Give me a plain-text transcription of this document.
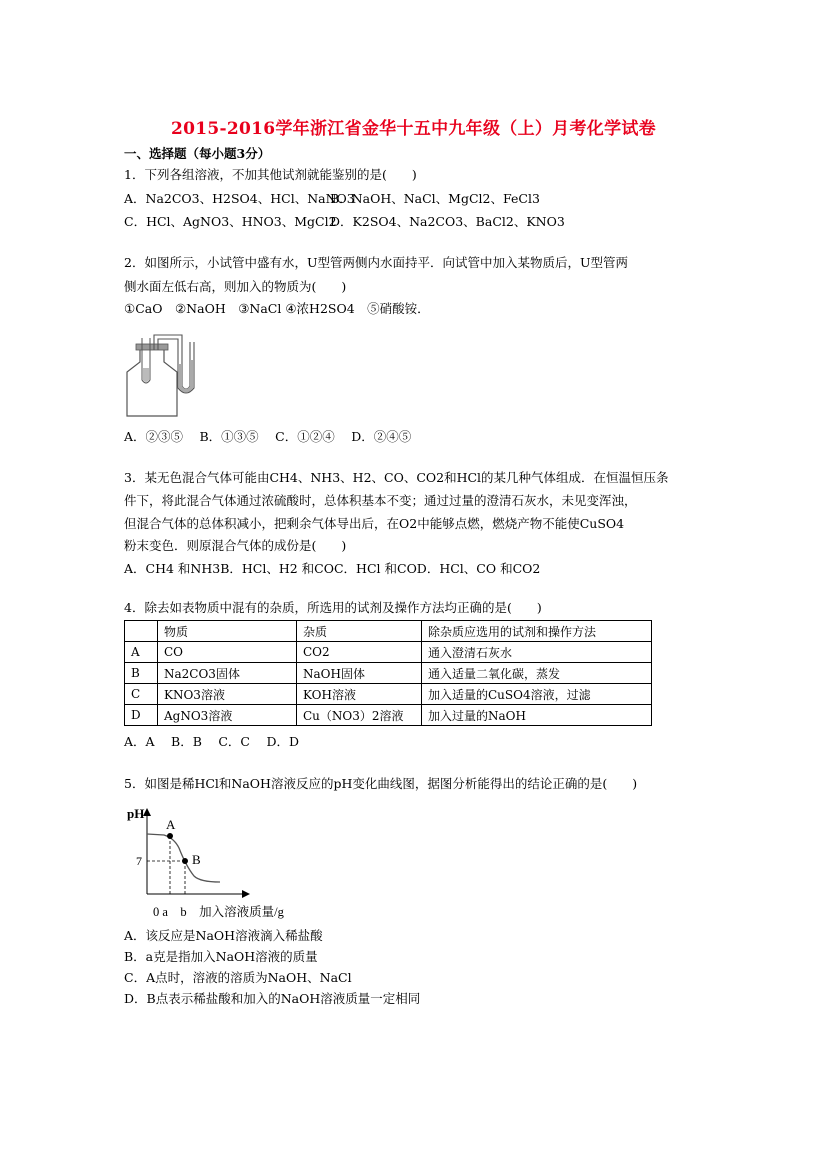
2015-2016学年浙江省金华十五中九年级（上）月考化学试卷
一、选择题（每小题3分）
1．下列各组溶液，不加其他试剂就能鉴别的是(　　)
A．Na2CO3、H2SO4、HCl、NaNO3
B．NaOH、NaCl、MgCl2、FeCl3
C．HCl、AgNO3、HNO3、MgCl2
D．K2SO4、Na2CO3、BaCl2、KNO3
2．如图所示，小试管中盛有水，U型管两侧内水面持平．向试管中加入某物质后，U型管两
侧水面左低右高，则加入的物质为(　　)
①CaO　②NaOH　③NaCl ④浓H2SO4　⑤硝酸铵．
A．②③⑤　 B．①③⑤　 C．①②④　 D．②④⑤
3．某无色混合气体可能由CH4、NH3、H2、CO、CO2和HCl的某几种气体组成．在恒温恒压条
件下，将此混合气体通过浓硫酸时，总体积基本不变；通过过量的澄清石灰水，未见变浑浊，
但混合气体的总体积减小，把剩余气体导出后，在O2中能够点燃，燃烧产物不能使CuSO4
粉末变色．则原混合气体的成份是(　　)
A．CH4 和NH3B．HCl、H2 和COC．HCl 和COD．HCl、CO 和CO2
4．除去如表物质中混有的杂质，所选用的试剂及操作方法均正确的是(　　)
	物质	杂质	除杂质应选用的试剂和操作方法
A	CO	CO2	通入澄清石灰水
B	Na2CO3固体	NaOH固体	通入适量二氧化碳，蒸发
C	KNO3溶液	KOH溶液	加入适量的CuSO4溶液，过滤
D	AgNO3溶液	Cu（NO3）2溶液	加入过量的NaOH
A．A　 B．B　 C．C　 D．D
5．如图是稀HCl和NaOH溶液反应的pH变化曲线图，据图分析能得出的结论正确的是(　　)
pH
7
A
B
0 a　b　加入溶液质量/g
A．该反应是NaOH溶液滴入稀盐酸
B．a克是指加入NaOH溶液的质量
C．A点时，溶液的溶质为NaOH、NaCl
D．B点表示稀盐酸和加入的NaOH溶液质量一定相同
